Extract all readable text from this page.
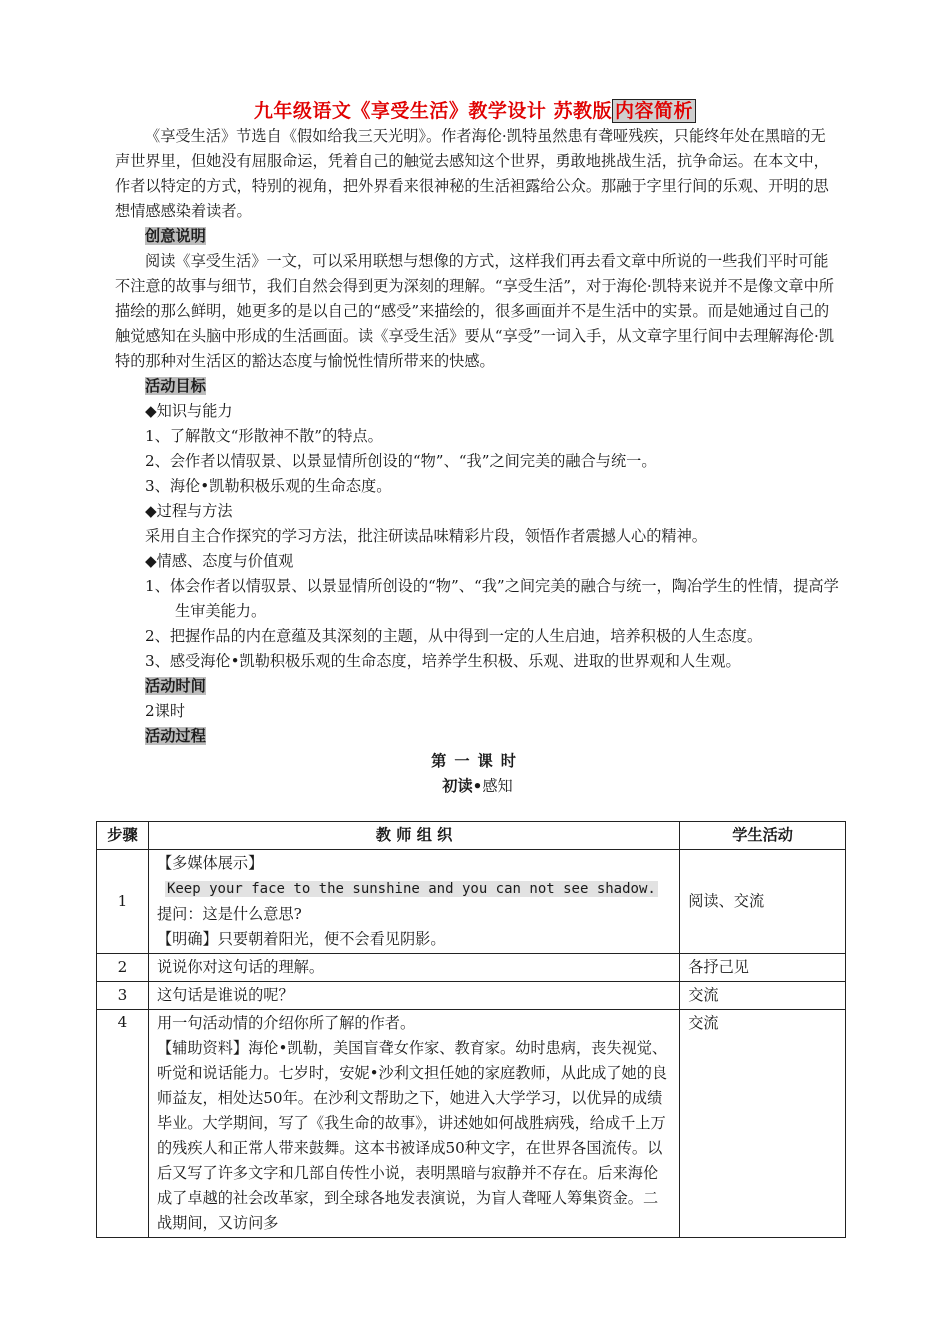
九年级语文《享受生活》教学设计 苏教版 内容简析

《享受生活》节选自《假如给我三天光明》。作者海伦·凯特虽然患有聋哑残疾，只能终年处在黑暗的无声世界里，但她没有屈服命运，凭着自己的触觉去感知这个世界，勇敢地挑战生活，抗争命运。在本文中，作者以特定的方式，特别的视角，把外界看来很神秘的生活袒露给公众。那融于字里行间的乐观、开明的思想情感感染着读者。

创意说明

阅读《享受生活》一文，可以采用联想与想像的方式，这样我们再去看文章中所说的一些我们平时可能不注意的故事与细节，我们自然会得到更为深刻的理解。“享受生活”，对于海伦·凯特来说并不是像文章中所描绘的那么鲜明，她更多的是以自己的“感受”来描绘的，很多画面并不是生活中的实景。而是她通过自己的触觉感知在头脑中形成的生活画面。读《享受生活》要从“享受”一词入手，从文章字里行间中去理解海伦·凯特的那种对生活区的豁达态度与愉悦性情所带来的快感。

活动目标

◆知识与能力

1、了解散文“形散神不散”的特点。

2、会作者以情驭景、以景显情所创设的“物”、“我”之间完美的融合与统一。

3、海伦•凯勒积极乐观的生命态度。

◆过程与方法

采用自主合作探究的学习方法，批注研读品味精彩片段，领悟作者震撼人心的精神。

◆情感、态度与价值观

1、体会作者以情驭景、以景显情所创设的“物”、“我”之间完美的融合与统一，陶冶学生的性情，提高学生审美能力。

2、把握作品的内在意蕴及其深刻的主题，从中得到一定的人生启迪，培养积极的人生态度。

3、感受海伦•凯勒积极乐观的生命态度，培养学生积极、乐观、进取的世界观和人生观。

活动时间

2课时

活动过程

第一课时

初读•感知

步骤	教 师 组 织	学生活动
1	【多媒体展示】
Keep your face to the sunshine and you can not see shadow.
提问：这是什么意思?
【明确】只要朝着阳光，便不会看见阴影。	阅读、交流
2	说说你对这句话的理解。	各抒己见
3	这句话是谁说的呢？	交流
4	用一句活动情的介绍你所了解的作者。
【辅助资料】海伦•凯勒，美国盲聋女作家、教育家。幼时患病，丧失视觉、听觉和说话能力。七岁时，安妮•沙利文担任她的家庭教师，从此成了她的良师益友，相处达50年。在沙利文帮助之下，她进入大学学习，以优异的成绩毕业。大学期间，写了《我生命的故事》，讲述她如何战胜病残，给成千上万的残疾人和正常人带来鼓舞。这本书被译成50种文字，在世界各国流传。以后又写了许多文字和几部自传性小说，表明黑暗与寂静并不存在。后来海伦成了卓越的社会改革家，到全球各地发表演说，为盲人聋哑人筹集资金。二战期间，又访问多	交流
